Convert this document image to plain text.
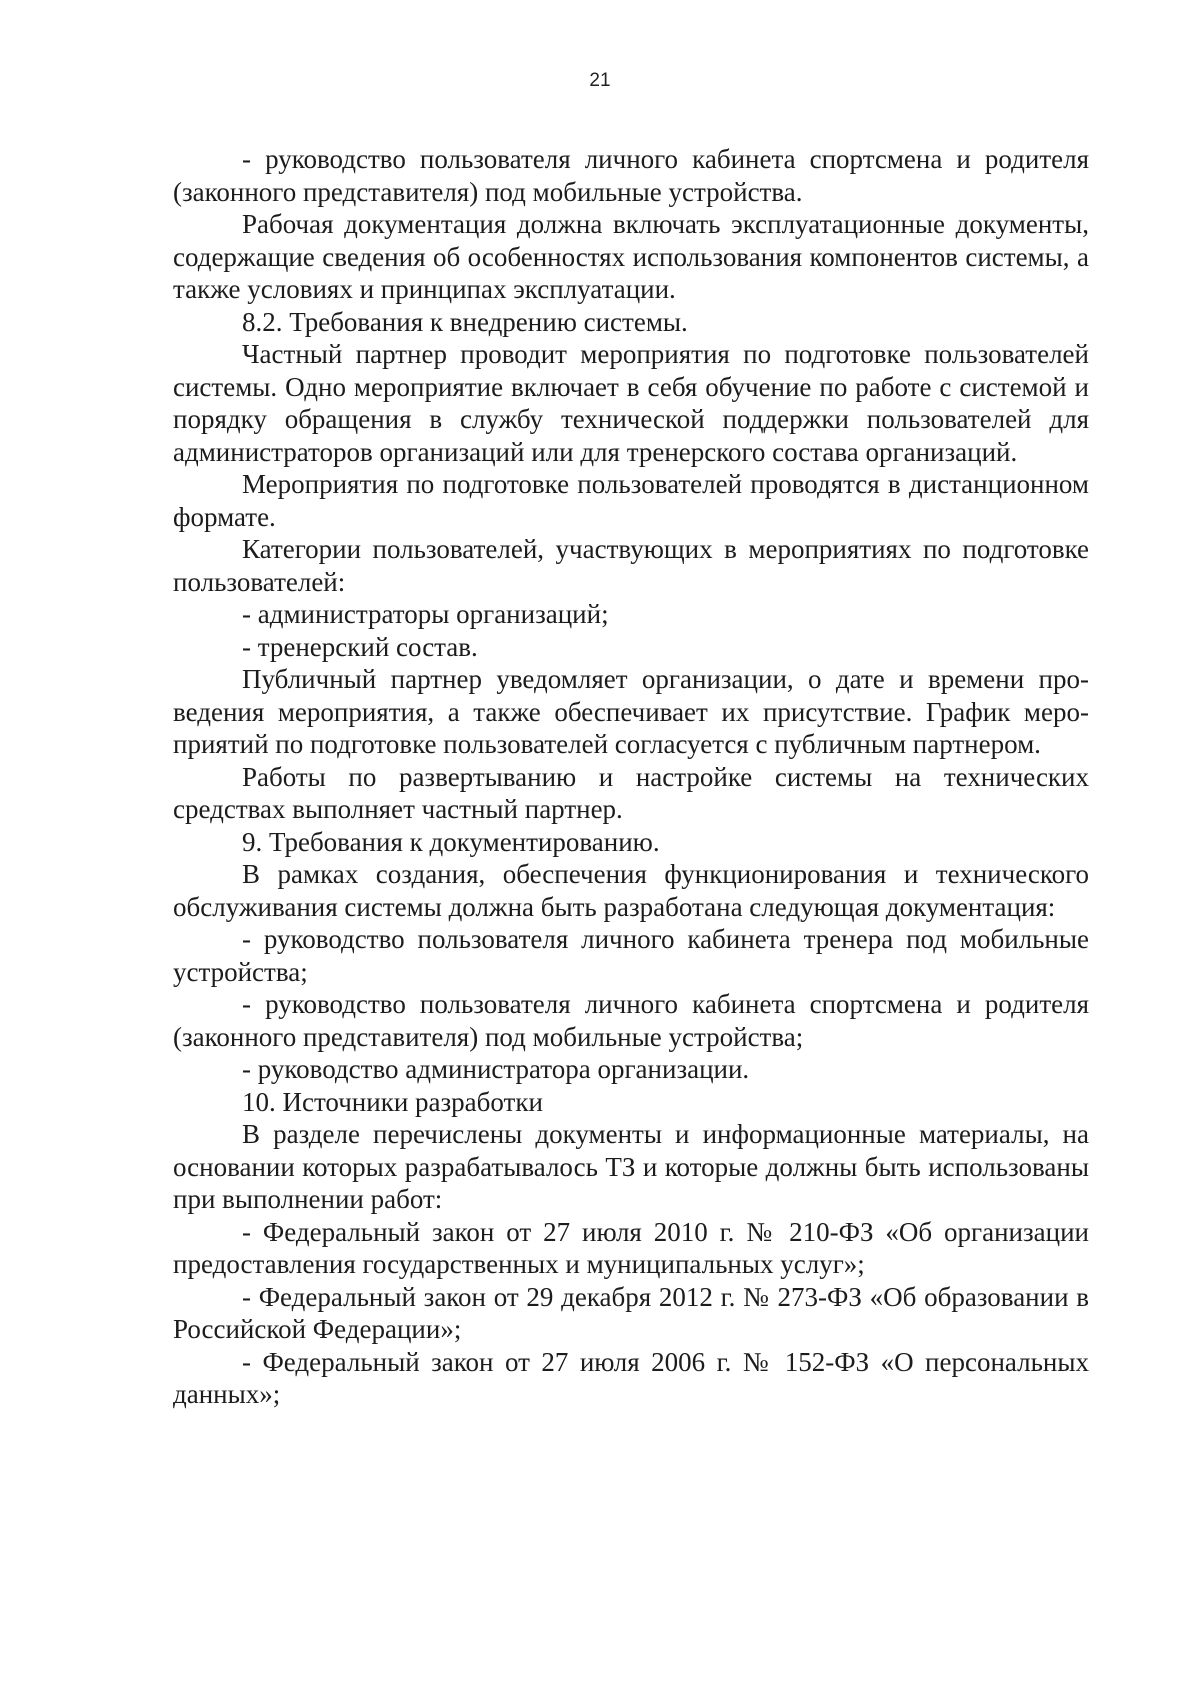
21

- руководство пользователя личного кабинета спортсмена и родителя (законного представителя) под мобильные устройства.

Рабочая документация должна включать эксплуатационные документы, содержащие сведения об особенностях использования компонентов системы, а также условиях и принципах эксплуатации.

8.2. Требования к внедрению системы.

Частный партнер проводит мероприятия по подготовке пользователей системы. Одно мероприятие включает в себя обучение по работе с системой и порядку обращения в службу технической поддержки пользователей для администраторов организаций или для тренерского состава организаций.

Мероприятия по подготовке пользователей проводятся в дистанционном формате.

Категории пользователей, участвующих в мероприятиях по подготовке пользователей:

- администраторы организаций;

- тренерский состав.

Публичный партнер уведомляет организации, о дате и времени проведения мероприятия, а также обеспечивает их присутствие. График мероприятий по подготовке пользователей согласуется с публичным партнером.

Работы по развертыванию и настройке системы на технических средствах выполняет частный партнер.

9. Требования к документированию.

В рамках создания, обеспечения функционирования и технического обслуживания системы должна быть разработана следующая документация:

- руководство пользователя личного кабинета тренера под мобильные устройства;

- руководство пользователя личного кабинета спортсмена и родителя (законного представителя) под мобильные устройства;

- руководство администратора организации.

10. Источники разработки

В разделе перечислены документы и информационные материалы, на основании которых разрабатывалось ТЗ и которые должны быть использованы при выполнении работ:

- Федеральный закон от 27 июля 2010 г. № 210-ФЗ «Об организации предоставления государственных и муниципальных услуг»;

- Федеральный закон от 29 декабря 2012 г. № 273-ФЗ «Об образовании в Российской Федерации»;

- Федеральный закон от 27 июля 2006 г. № 152-ФЗ «О персональных данных»;
